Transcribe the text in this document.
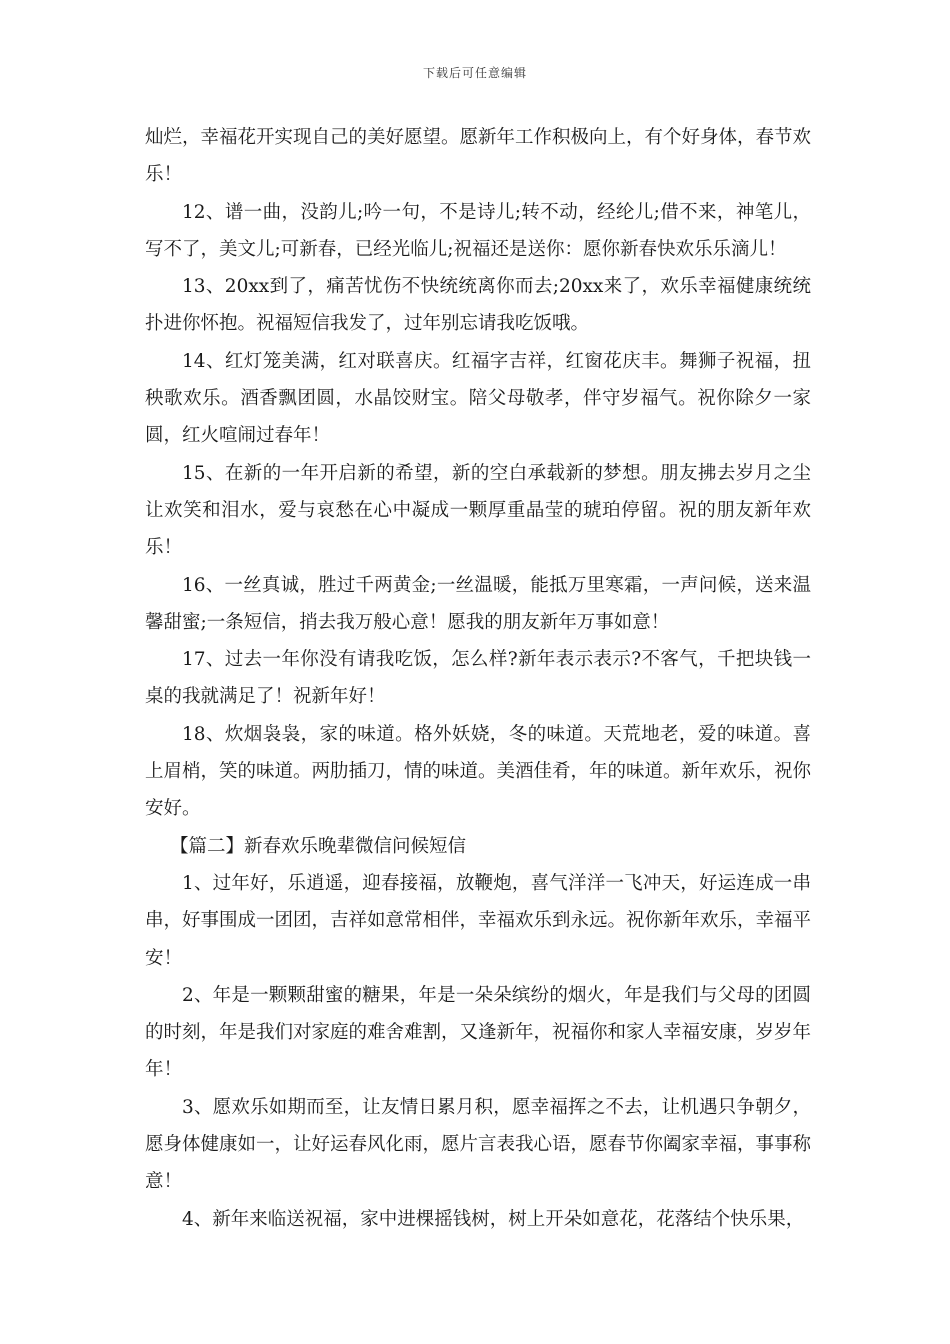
下载后可任意编辑

灿烂，幸福花开实现自己的美好愿望。愿新年工作积极向上，有个好身体，春节欢乐！

12、谱一曲，没韵儿;吟一句，不是诗儿;转不动，经纶儿;借不来，神笔儿，写不了，美文儿;可新春，已经光临儿;祝福还是送你：愿你新春快欢乐乐滴儿！

13、20xx到了，痛苦忧伤不快统统离你而去;20xx来了，欢乐幸福健康统统扑进你怀抱。祝福短信我发了，过年别忘请我吃饭哦。

14、红灯笼美满，红对联喜庆。红福字吉祥，红窗花庆丰。舞狮子祝福，扭秧歌欢乐。酒香飘团圆，水晶饺财宝。陪父母敬孝，伴守岁福气。祝你除夕一家圆，红火喧闹过春年！

15、在新的一年开启新的希望，新的空白承载新的梦想。朋友拂去岁月之尘让欢笑和泪水，爱与哀愁在心中凝成一颗厚重晶莹的琥珀停留。祝的朋友新年欢乐！

16、一丝真诚，胜过千两黄金;一丝温暖，能抵万里寒霜，一声问候，送来温馨甜蜜;一条短信，捎去我万般心意！愿我的朋友新年万事如意！

17、过去一年你没有请我吃饭，怎么样?新年表示表示?不客气，千把块钱一桌的我就满足了！祝新年好！

18、炊烟袅袅，家的味道。格外妖娆，冬的味道。天荒地老，爱的味道。喜上眉梢，笑的味道。两肋插刀，情的味道。美酒佳肴，年的味道。新年欢乐，祝你安好。

【篇二】新春欢乐晚辈微信问候短信

1、过年好，乐逍遥，迎春接福，放鞭炮，喜气洋洋一飞冲天，好运连成一串串，好事围成一团团，吉祥如意常相伴，幸福欢乐到永远。祝你新年欢乐，幸福平安！

2、年是一颗颗甜蜜的糖果，年是一朵朵缤纷的烟火，年是我们与父母的团圆的时刻，年是我们对家庭的难舍难割，又逢新年，祝福你和家人幸福安康，岁岁年年！

3、愿欢乐如期而至，让友情日累月积，愿幸福挥之不去，让机遇只争朝夕，愿身体健康如一，让好运春风化雨，愿片言表我心语，愿春节你阖家幸福，事事称意！

4、新年来临送祝福，家中进棵摇钱树，树上开朵如意花，花落结个快乐果，
